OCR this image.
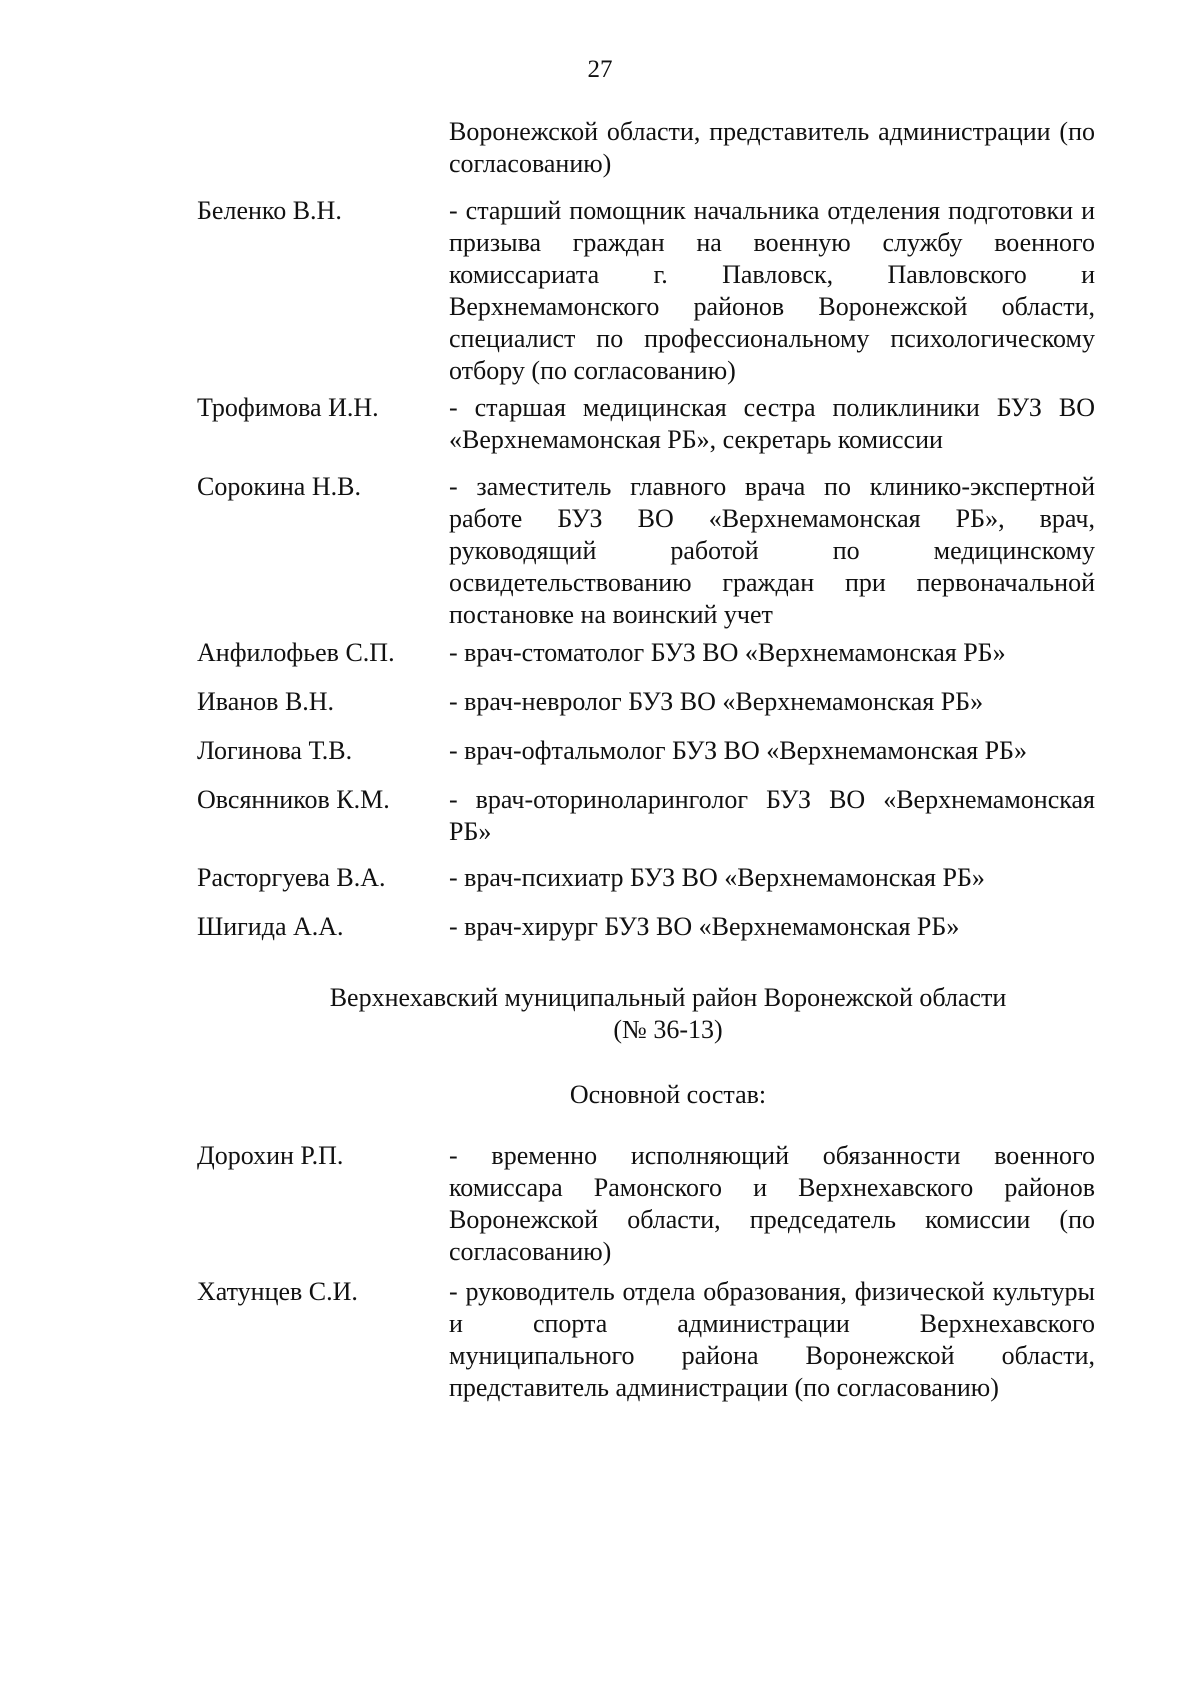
27
Воронежской области, представитель администрации (по согласованию)
Беленко В.Н.	- старший помощник начальника отделения подготовки и призыва граждан на военную службу военного комиссариата г. Павловск, Павловского и Верхнемамонского районов Воронежской области, специалист по профессиональному психологическому отбору (по согласованию)
Трофимова И.Н.	- старшая медицинская сестра поликлиники БУЗ ВО «Верхнемамонская РБ», секретарь комиссии
Сорокина Н.В.	- заместитель главного врача по клинико-экспертной работе БУЗ ВО «Верхнемамонская РБ», врач, руководящий работой по медицинскому освидетельствованию граждан при первоначальной постановке на воинский учет
Анфилофьев С.П.	- врач-стоматолог БУЗ ВО «Верхнемамонская РБ»
Иванов В.Н.	- врач-невролог БУЗ ВО «Верхнемамонская РБ»
Логинова Т.В.	- врач-офтальмолог БУЗ ВО «Верхнемамонская РБ»
Овсянников К.М.	- врач-оториноларинголог БУЗ ВО «Верхнемамонская РБ»
Расторгуева В.А.	- врач-психиатр БУЗ ВО «Верхнемамонская РБ»
Шигида А.А.	- врач-хирург БУЗ ВО «Верхнемамонская РБ»
Верхнехавский муниципальный район Воронежской области
(№ 36-13)
Основной состав:
Дорохин Р.П.	- временно исполняющий обязанности военного комиссара Рамонского и Верхнехавского районов Воронежской области, председатель комиссии (по согласованию)
Хатунцев С.И.	- руководитель отдела образования, физической культуры и спорта администрации Верхнехавского муниципального района Воронежской области, представитель администрации (по согласованию)
